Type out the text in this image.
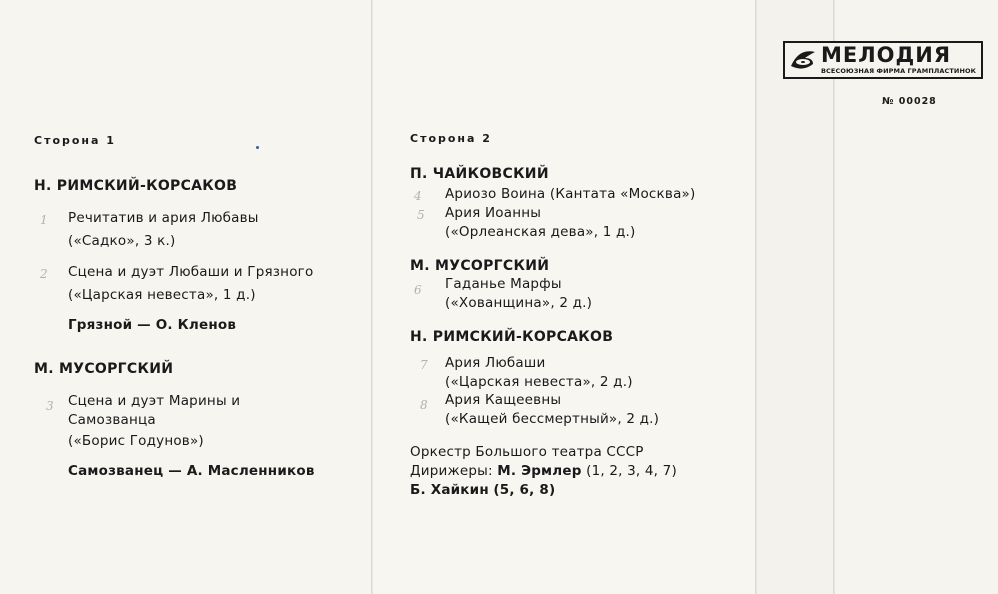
Сторона 1
Н. РИМСКИЙ-КОРСАКОВ
1 Речитатив и ария Любавы
(«Садко», 3 к.)
2 Сцена и дуэт Любаши и Грязного
(«Царская невеста», 1 д.)
Грязной — О. Кленов
М. МУСОРГСКИЙ
3 Сцена и дуэт Марины и
Самозванца
(«Борис Годунов»)
Самозванец — А. Масленников
Сторона 2
П. ЧАЙКОВСКИЙ
4 Ариозо Воина (Кантата «Москва»)
5 Ария Иоанны
(«Орлеанская дева», 1 д.)
М. МУСОРГСКИЙ
6 Гаданье Марфы
(«Хованщина», 2 д.)
Н. РИМСКИЙ-КОРСАКОВ
7 Ария Любаши
(«Царская невеста», 2 д.)
8 Ария Кащеевны
(«Кащей бессмертный», 2 д.)
Оркестр Большого театра СССР
Дирижеры: М. Эрмлер (1, 2, 3, 4, 7)
Б. Хайкин (5, 6, 8)
МЕЛОДИЯ
ВСЕСОЮЗНАЯ ФИРМА ГРАМПЛАСТИНОК
№ 00028
